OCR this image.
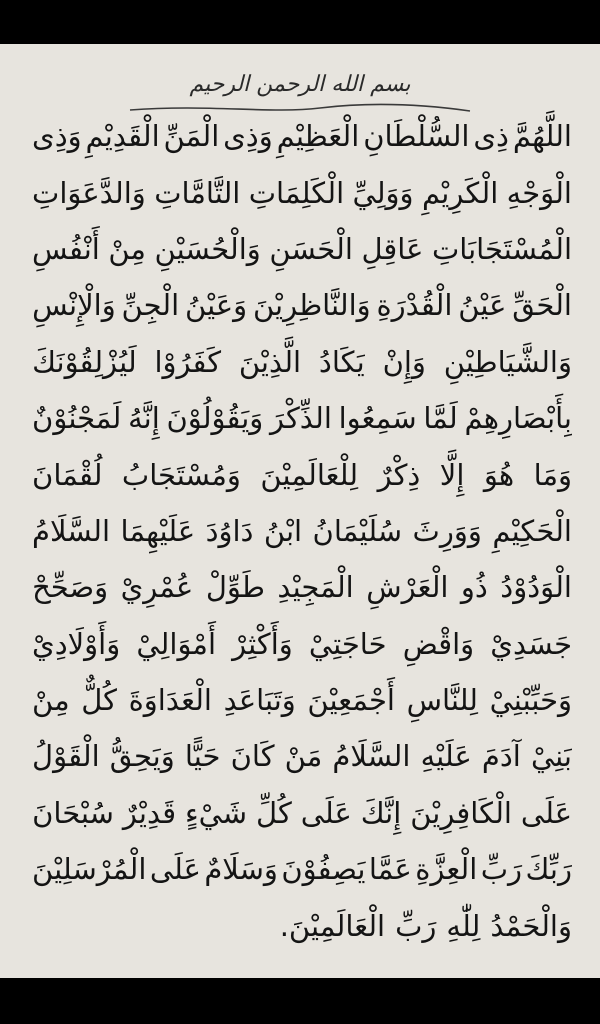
بسم الله الرحمن الرحيم
اللَّهُمَّ
ذِى
السُّلْطَانِ
الْعَظِيْمِ
وَذِى
الْمَنِّ
الْقَدِيْمِ
وَذِى
الْوَجْهِ
الْكَرِيْمِ
وَوَلِيِّ
الْكَلِمَاتِ
التَّامَّاتِ
وَالدَّعَوَاتِ
الْمُسْتَجَابَاتِ
عَاقِلِ
الْحَسَنِ
وَالْحُسَيْنِ
مِنْ
أَنْفُسِ
الْحَقِّ
عَيْنُ
الْقُدْرَةِ
وَالنَّاظِرِيْنَ
وَعَيْنُ
الْجِنِّ
وَالْإِنْسِ
وَالشَّيَاطِيْنِ
وَإِنْ
يَكَادُ
الَّذِيْنَ
كَفَرُوْا
لَيُزْلِقُوْنَكَ
بِأَبْصَارِهِمْ
لَمَّا
سَمِعُوا
الذِّكْرَ
وَيَقُوْلُوْنَ
إِنَّهُ
لَمَجْنُوْنٌ
وَمَا
هُوَ
إِلَّا
ذِكْرٌ
لِلْعَالَمِيْنَ
وَمُسْتَجَابُ
لُقْمَانَ
الْحَكِيْمِ
وَوَرِثَ
سُلَيْمَانُ
ابْنُ
دَاوُدَ
عَلَيْهِمَا
السَّلَامُ
الْوَدُوْدُ
ذُو
الْعَرْشِ
الْمَجِيْدِ
طَوِّلْ
عُمْرِيْ
وَصَحِّحْ
جَسَدِيْ
وَاقْضِ
حَاجَتِيْ
وَأَكْثِرْ
أَمْوَالِيْ
وَأَوْلَادِيْ
وَحَبِّبْنِيْ
لِلنَّاسِ
أَجْمَعِيْنَ
وَتَبَاعَدِ
الْعَدَاوَةَ
كُلٌّ
مِنْ
بَنِيْ
آدَمَ
عَلَيْهِ
السَّلَامُ
مَنْ
كَانَ
حَيًّا
وَيَحِقُّ
الْقَوْلُ
عَلَى
الْكَافِرِيْنَ
إِنَّكَ
عَلَى
كُلِّ
شَيْءٍ
قَدِيْرٌ
سُبْحَانَ
رَبِّكَ
رَبِّ
الْعِزَّةِ
عَمَّا
يَصِفُوْنَ
وَسَلَامٌ
عَلَى
الْمُرْسَلِيْنَ
وَالْحَمْدُ
لِلّٰهِ
رَبِّ
الْعَالَمِيْنَ.
